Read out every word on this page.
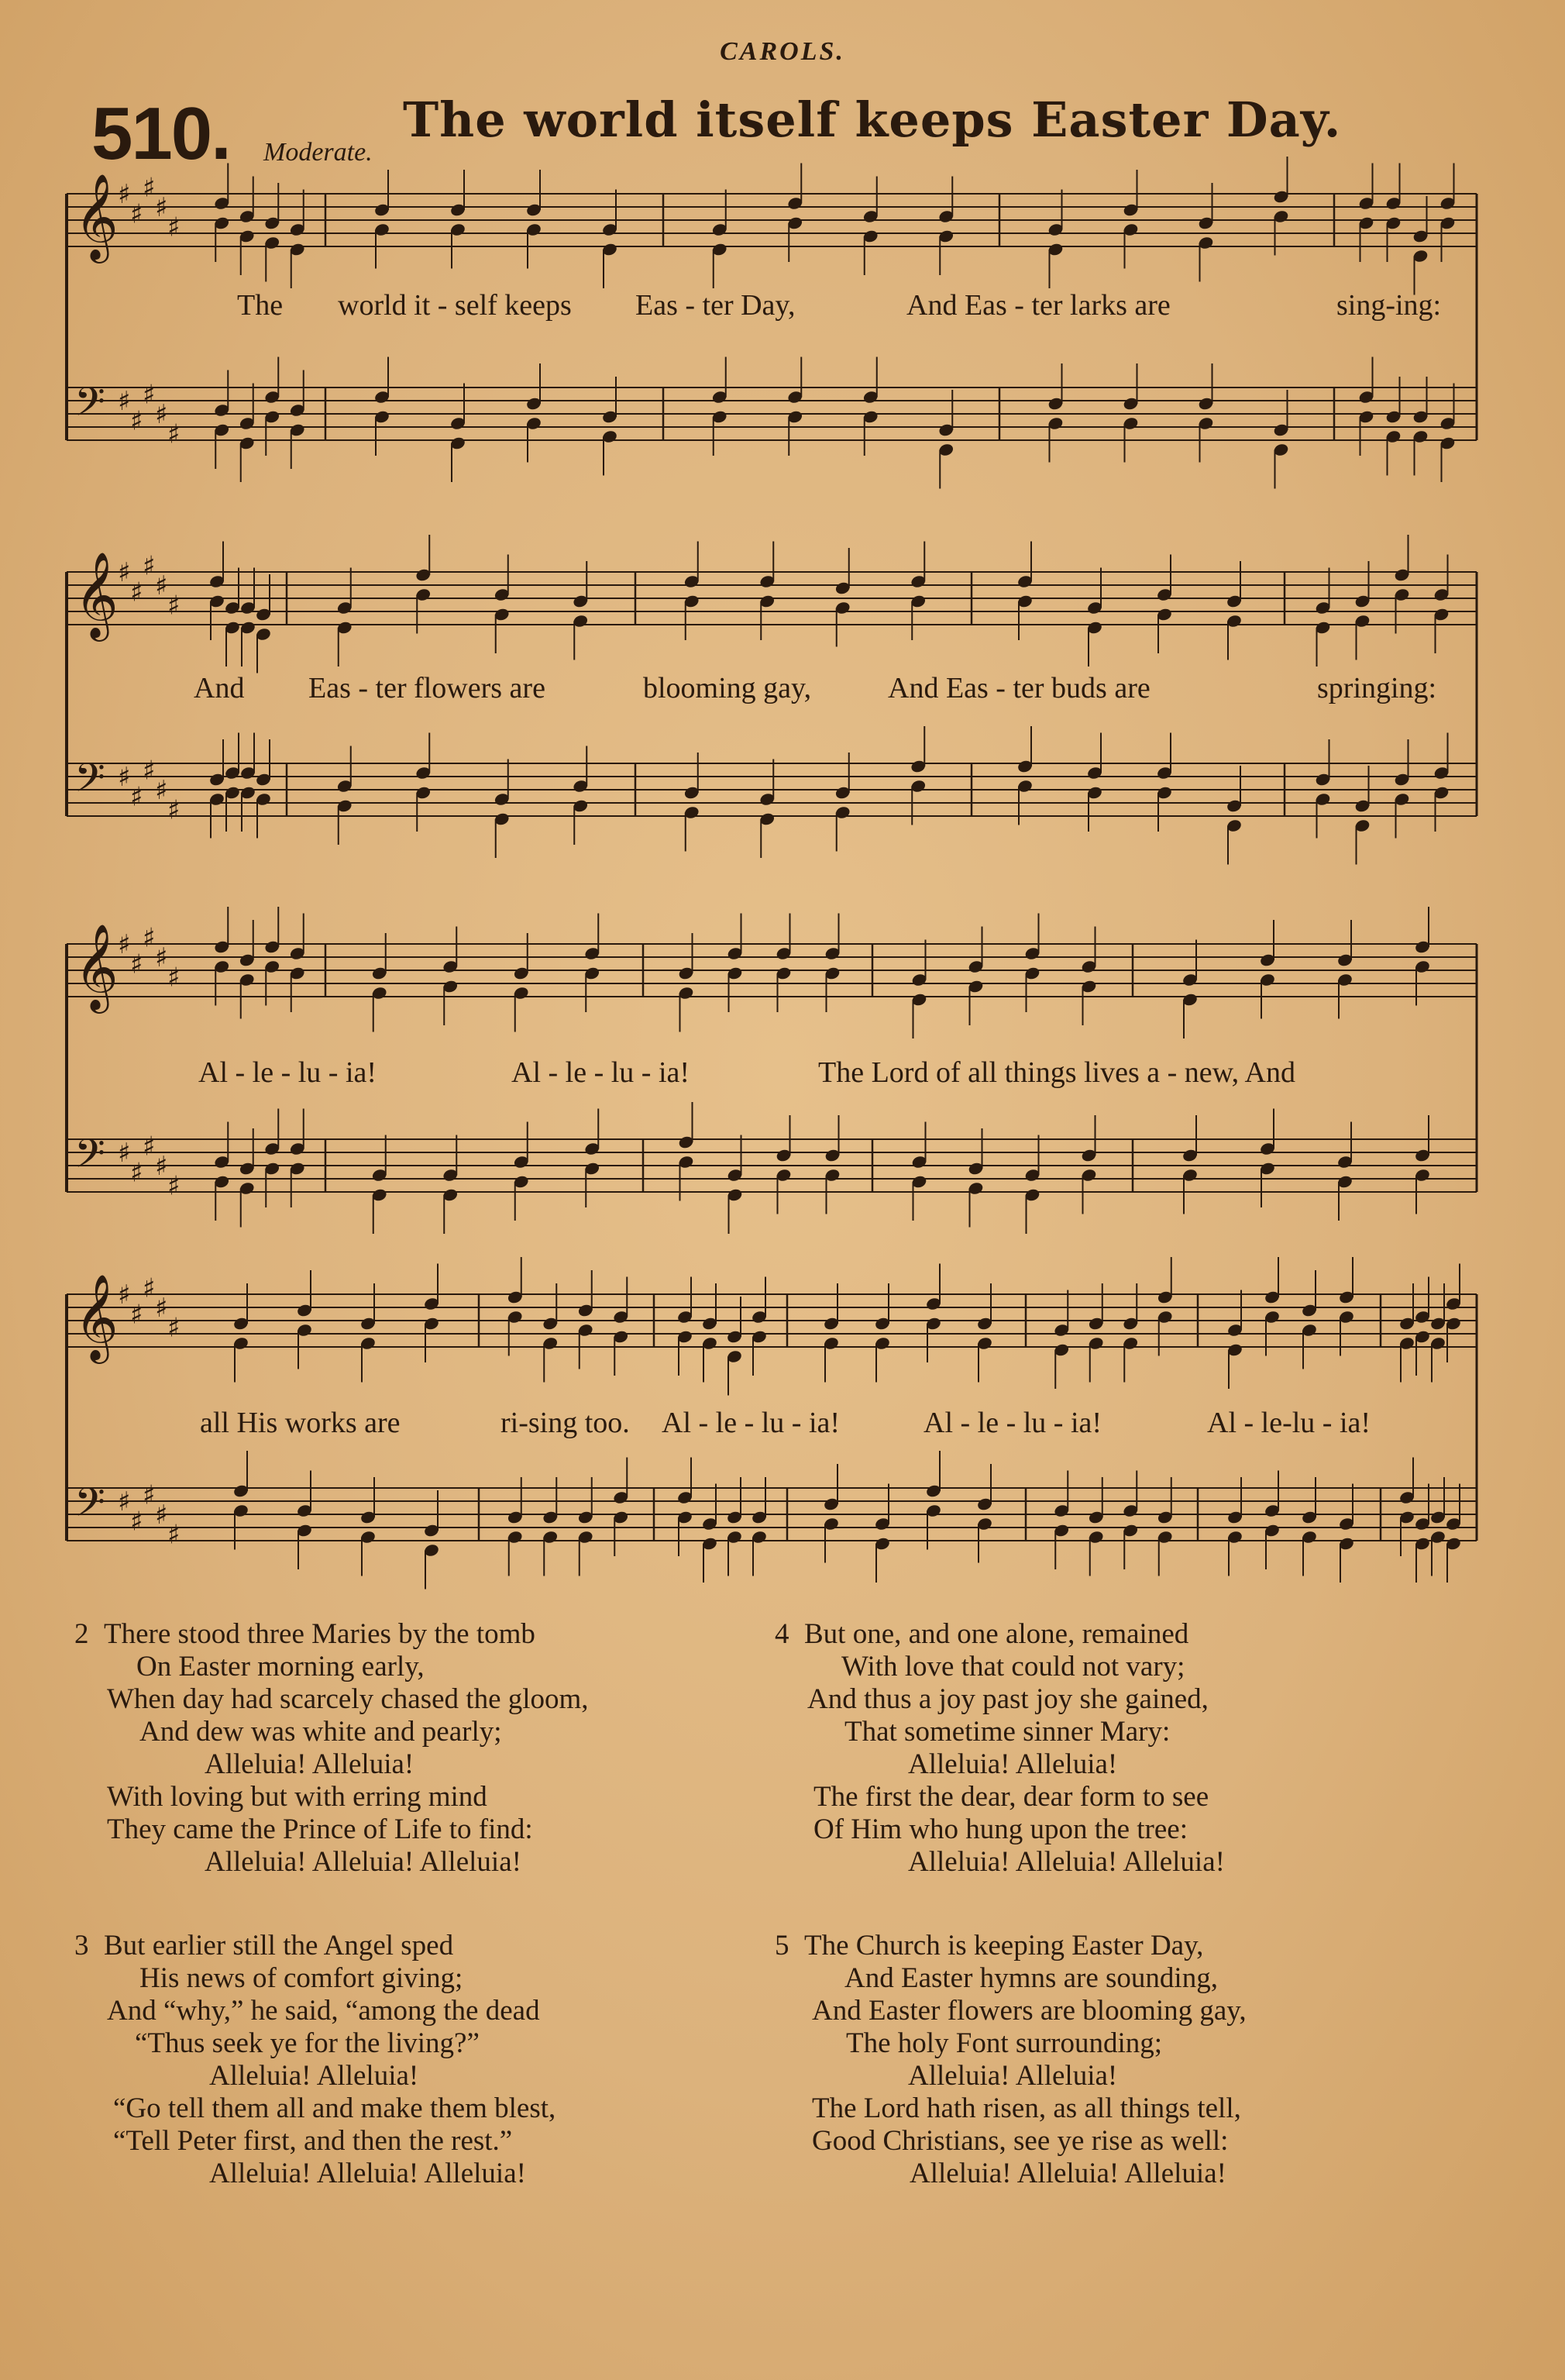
CAROLS.
510.	The world itself keeps Easter Day.
Moderate.
𝄞 ♯
♯
♯
♯
♯
𝄢 ♯
♯
♯
♯
♯
𝄞 ♯
♯
♯
♯
♯
𝄢 ♯
♯
♯
♯
♯
𝄞 ♯
♯
♯
♯
♯
𝄢 ♯
♯
♯
♯
♯
𝄞 ♯
♯
♯
♯
♯
𝄢 ♯
♯
♯
♯
♯
The world it - self keeps Eas - ter Day,	And Eas - ter larks are	sing-ing:
And Eas - ter flowers are	blooming gay,	And Eas - ter buds are	springing:
Al - le - lu - ia!	Al - le - lu - ia!	The Lord of all things lives a - new, And
all His works are	ri-sing too. Al - le - lu - ia!	Al - le - lu - ia!	Al - le-lu - ia!
2 There stood three Maries by the tomb
On Easter morning early,
When day had scarcely chased the gloom,
And dew was white and pearly;
Alleluia! Alleluia!
With loving but with erring mind
They came the Prince of Life to find:
Alleluia! Alleluia! Alleluia!
3 But earlier still the Angel sped
His news of comfort giving;
And “why,” he said, “among the dead
“Thus seek ye for the living?”
Alleluia! Alleluia!
“Go tell them all and make them blest,
“Tell Peter first, and then the rest.”
Alleluia! Alleluia! Alleluia!
4 But one, and one alone, remained
With love that could not vary;
And thus a joy past joy she gained,
That sometime sinner Mary:
Alleluia! Alleluia!
The first the dear, dear form to see
Of Him who hung upon the tree:
Alleluia! Alleluia! Alleluia!
5 The Church is keeping Easter Day,
And Easter hymns are sounding,
And Easter flowers are blooming gay,
The holy Font surrounding;
Alleluia! Alleluia!
The Lord hath risen, as all things tell,
Good Christians, see ye rise as well:
Alleluia! Alleluia! Alleluia!
